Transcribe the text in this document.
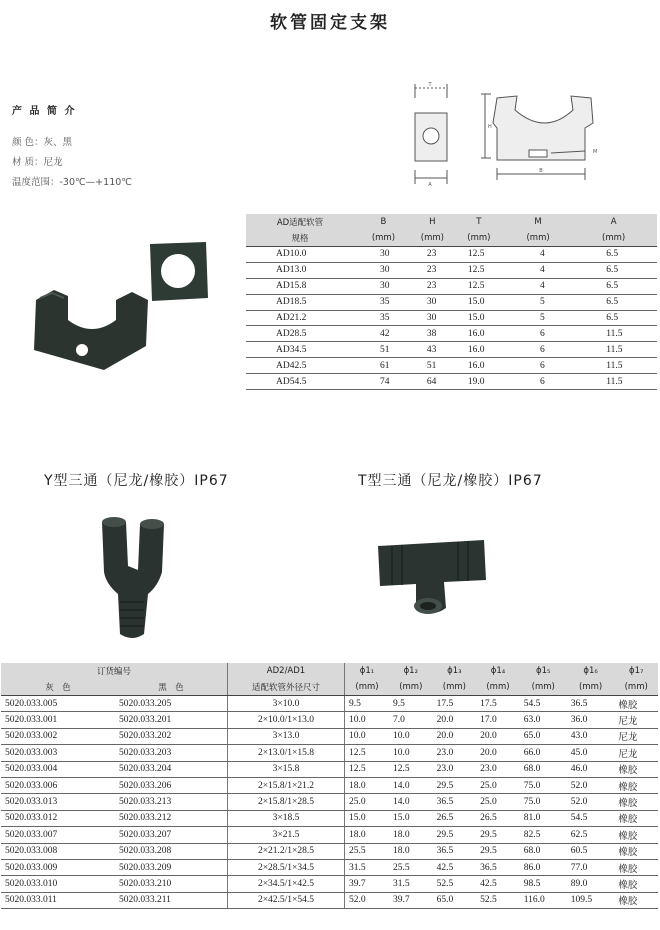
软管固定支架
产 品 简 介
颜 色：灰、黑
材 质：尼龙
温度范围：-30℃—+110℃
T
A
H
M
B
AD适配软管	B	H	T	M	A
规格	(mm)	(mm)	(mm)	(mm)	(mm)
AD10.0	30	23	12.5	4	6.5
AD13.0	30	23	12.5	4	6.5
AD15.8	30	23	12.5	4	6.5
AD18.5	35	30	15.0	5	6.5
AD21.2	35	30	15.0	5	6.5
AD28.5	42	38	16.0	6	11.5
AD34.5	51	43	16.0	6	11.5
AD42.5	61	51	16.0	6	11.5
AD54.5	74	64	19.0	6	11.5
Y型三通（尼龙/橡胶）IP67	T型三通（尼龙/橡胶）IP67
订货编号		AD2/AD1	ϕ1₁	ϕ1₂	ϕ1₃	ϕ1₄	ϕ1₅	ϕ1₆	ϕ1₇
灰　色	黑　色	适配软管外径尺寸	(mm)	(mm)	(mm)	(mm)	(mm)	(mm)	(mm)
5020.033.005	5020.033.205	3×10.0	9.5	9.5	17.5	17.5	54.5	36.5	橡胶
5020.033.001	5020.033.201	2×10.0/1×13.0	10.0	7.0	20.0	17.0	63.0	36.0	尼龙
5020.033.002	5020.033.202	3×13.0	10.0	10.0	20.0	20.0	65.0	43.0	尼龙
5020.033.003	5020.033.203	2×13.0/1×15.8	12.5	10.0	23.0	20.0	66.0	45.0	尼龙
5020.033.004	5020.033.204	3×15.8	12.5	12.5	23.0	23.0	68.0	46.0	橡胶
5020.033.006	5020.033.206	2×15.8/1×21.2	18.0	14.0	29.5	25.0	75.0	52.0	橡胶
5020.033.013	5020.033.213	2×15.8/1×28.5	25.0	14.0	36.5	25.0	75.0	52.0	橡胶
5020.033.012	5020.033.212	3×18.5	15.0	15.0	26.5	26.5	81.0	54.5	橡胶
5020.033.007	5020.033.207	3×21.5	18.0	18.0	29.5	29.5	82.5	62.5	橡胶
5020.033.008	5020.033.208	2×21.2/1×28.5	25.5	18.0	36.5	29.5	68.0	60.5	橡胶
5020.033.009	5020.033.209	2×28.5/1×34.5	31.5	25.5	42.5	36.5	86.0	77.0	橡胶
5020.033.010	5020.033.210	2×34.5/1×42.5	39.7	31.5	52.5	42.5	98.5	89.0	橡胶
5020.033.011	5020.033.211	2×42.5/1×54.5	52.0	39.7	65.0	52.5	116.0	109.5	橡胶
